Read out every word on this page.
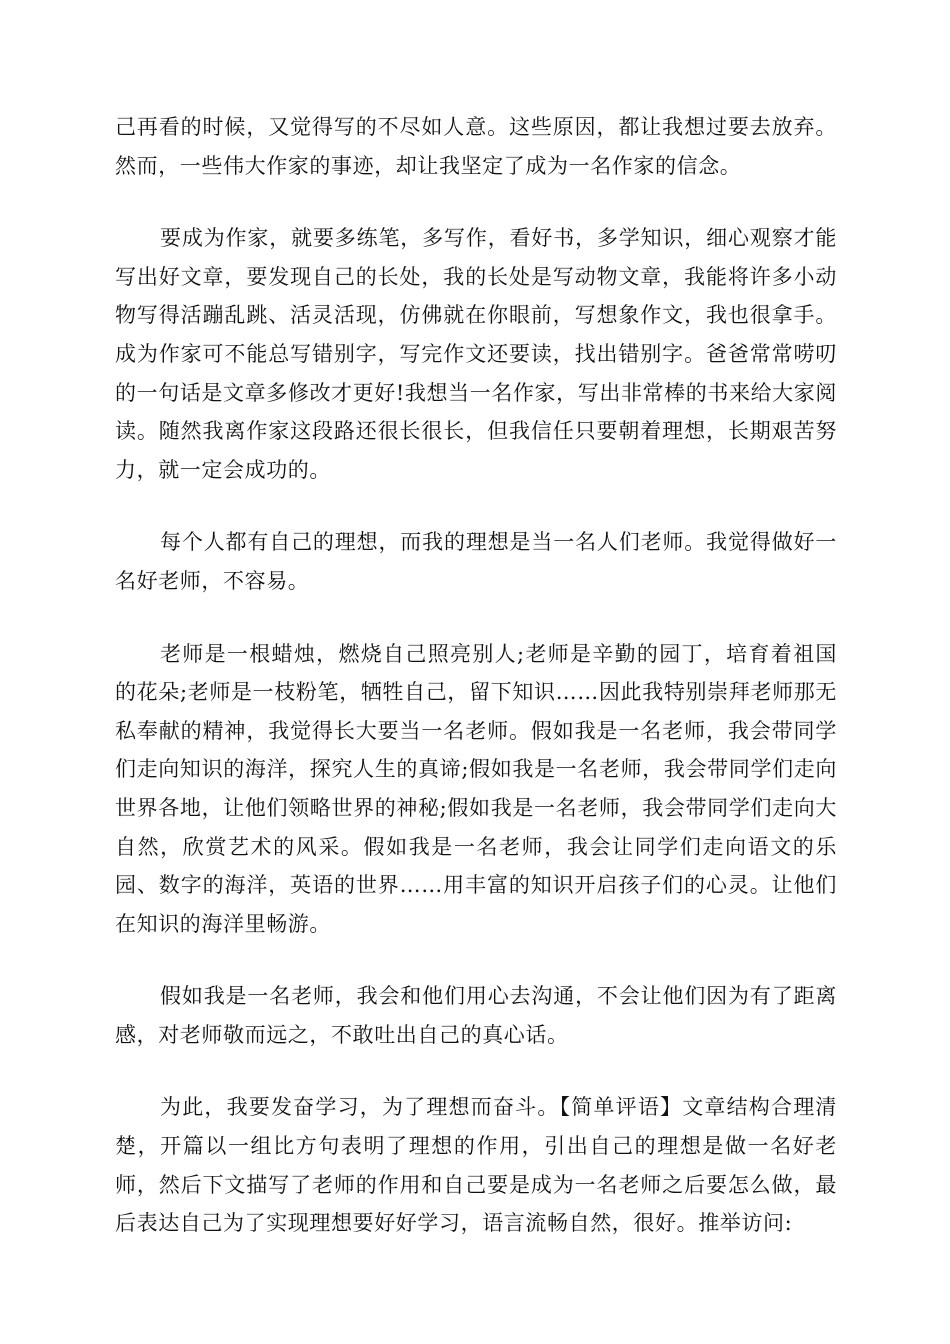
己再看的时候，又觉得写的不尽如人意。这些原因，都让我想过要去放弃。然而，一些伟大作家的事迹，却让我坚定了成为一名作家的信念。

要成为作家，就要多练笔，多写作，看好书，多学知识，细心观察才能写出好文章，要发现自己的长处，我的长处是写动物文章，我能将许多小动物写得活蹦乱跳、活灵活现，仿佛就在你眼前，写想象作文，我也很拿手。成为作家可不能总写错别字，写完作文还要读，找出错别字。爸爸常常唠叨的一句话是文章多修改才更好!我想当一名作家，写出非常棒的书来给大家阅读。随然我离作家这段路还很长很长，但我信任只要朝着理想，长期艰苦努力，就一定会成功的。

每个人都有自己的理想，而我的理想是当一名人们老师。我觉得做好一名好老师，不容易。

老师是一根蜡烛，燃烧自己照亮别人;老师是辛勤的园丁，培育着祖国的花朵;老师是一枝粉笔，牺牲自己，留下知识……因此我特别崇拜老师那无私奉献的精神，我觉得长大要当一名老师。假如我是一名老师，我会带同学们走向知识的海洋，探究人生的真谛;假如我是一名老师，我会带同学们走向世界各地，让他们领略世界的神秘;假如我是一名老师，我会带同学们走向大自然，欣赏艺术的风采。假如我是一名老师，我会让同学们走向语文的乐园、数字的海洋，英语的世界……用丰富的知识开启孩子们的心灵。让他们在知识的海洋里畅游。

假如我是一名老师，我会和他们用心去沟通，不会让他们因为有了距离感，对老师敬而远之，不敢吐出自己的真心话。

为此，我要发奋学习，为了理想而奋斗。【简单评语】文章结构合理清楚，开篇以一组比方句表明了理想的作用，引出自己的理想是做一名好老师，然后下文描写了老师的作用和自己要是成为一名老师之后要怎么做，最后表达自己为了实现理想要好好学习，语言流畅自然，很好。推举访问:
